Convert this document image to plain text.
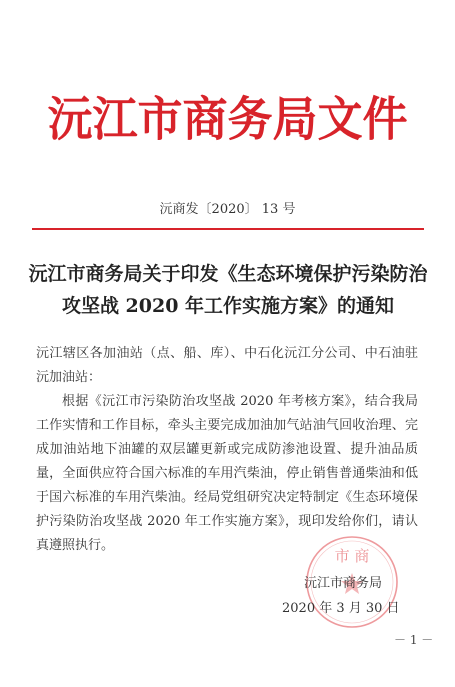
沅江市商务局文件
沅商发〔2020〕 13 号
沅江市商务局关于印发《生态环境保护污染防治
攻坚战 2020 年工作实施方案》的通知

沅江辖区各加油站（点、船、库）、中石化沅江分公司、中石油驻沅加油站：

根据《沅江市污染防治攻坚战 2020 年考核方案》，结合我局工作实情和工作目标，牵头主要完成加油加气站油气回收治理、完成加油站地下油罐的双层罐更新或完成防渗池设置、提升油品质量，全面供应符合国六标准的车用汽柴油，停止销售普通柴油和低于国六标准的车用汽柴油。经局党组研究决定特制定《生态环境保护污染防治攻坚战 2020 年工作实施方案》，现印发给你们，请认真遵照执行。

市 商
沅江市商务局
2020 年 3 月 30 日
－ 1 －
